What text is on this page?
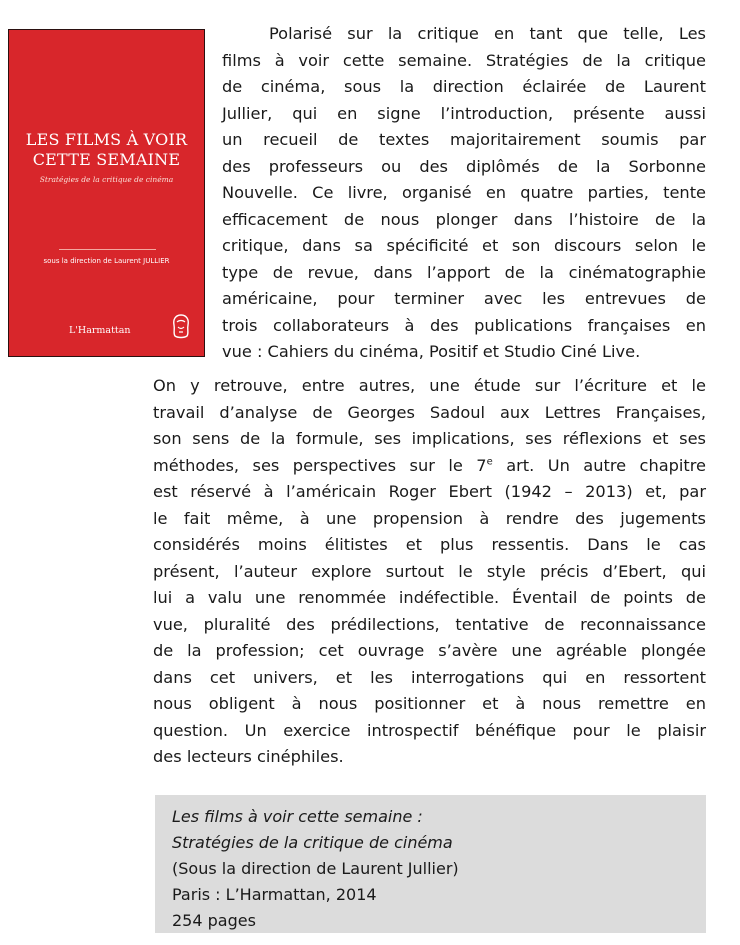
LES FILMS À VOIR
CETTE SEMAINE
Stratégies de la critique de cinéma
sous la direction de Laurent JULLIER
L'Harmattan
Polarisé sur la critique en tant que telle, Les
films à voir cette semaine. Stratégies de la critique
de cinéma, sous la direction éclairée de Laurent
Jullier, qui en signe l’introduction, présente aussi
un recueil de textes majoritairement soumis par
des professeurs ou des diplômés de la Sorbonne
Nouvelle. Ce livre, organisé en quatre parties, tente
efficacement de nous plonger dans l’histoire de la
critique, dans sa spécificité et son discours selon le
type de revue, dans l’apport de la cinématographie
américaine, pour terminer avec les entrevues de
trois collaborateurs à des publications françaises en
vue : Cahiers du cinéma, Positif et Studio Ciné Live.
On y retrouve, entre autres, une étude sur l’écriture et le
travail d’analyse de Georges Sadoul aux Lettres Françaises,
son sens de la formule, ses implications, ses réflexions et ses
méthodes, ses perspectives sur le 7e art. Un autre chapitre
est réservé à l’américain Roger Ebert (1942 – 2013) et, par
le fait même, à une propension à rendre des jugements
considérés moins élitistes et plus ressentis. Dans le cas
présent, l’auteur explore surtout le style précis d’Ebert, qui
lui a valu une renommée indéfectible. Éventail de points de
vue, pluralité des prédilections, tentative de reconnaissance
de la profession; cet ouvrage s’avère une agréable plongée
dans cet univers, et les interrogations qui en ressortent
nous obligent à nous positionner et à nous remettre en
question. Un exercice introspectif bénéfique pour le plaisir
des lecteurs cinéphiles.
Les films à voir cette semaine :
Stratégies de la critique de cinéma
(Sous la direction de Laurent Jullier)
Paris : L’Harmattan, 2014
254 pages
